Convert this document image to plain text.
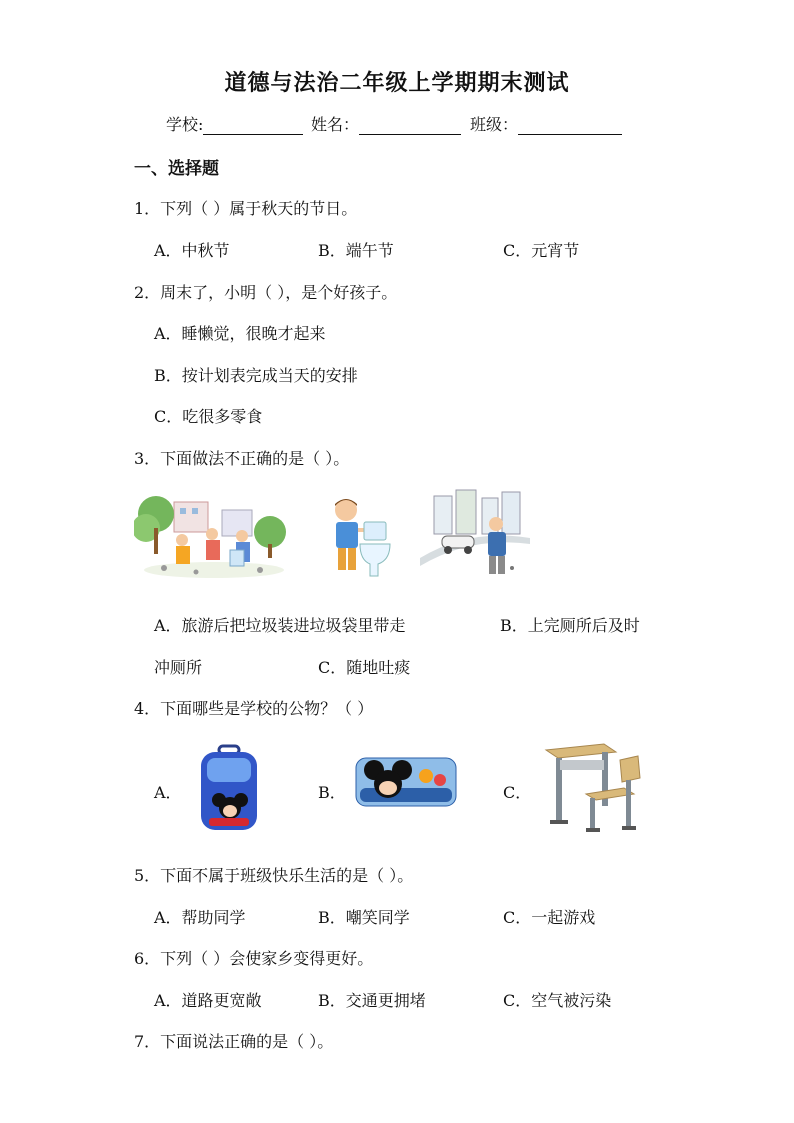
道德与法治二年级上学期期末测试
学校:	姓名：	班级：
一、选择题
1．下列（ ）属于秋天的节日。
A．中秋节	B．端午节	C．元宵节
2．周末了，小明（ ），是个好孩子。
A．睡懒觉，很晚才起来
B．按计划表完成当天的安排
C．吃很多零食
3．下面做法不正确的是（ ）。
A．旅游后把垃圾装进垃圾袋里带走	B．上完厕所后及时
冲厕所	C．随地吐痰
4．下面哪些是学校的公物？（ ）
A．	B．	C．
5．下面不属于班级快乐生活的是（ ）。
A．帮助同学	B．嘲笑同学	C．一起游戏
6．下列（ ）会使家乡变得更好。
A．道路更宽敞	B．交通更拥堵	C．空气被污染
7．下面说法正确的是（ ）。
